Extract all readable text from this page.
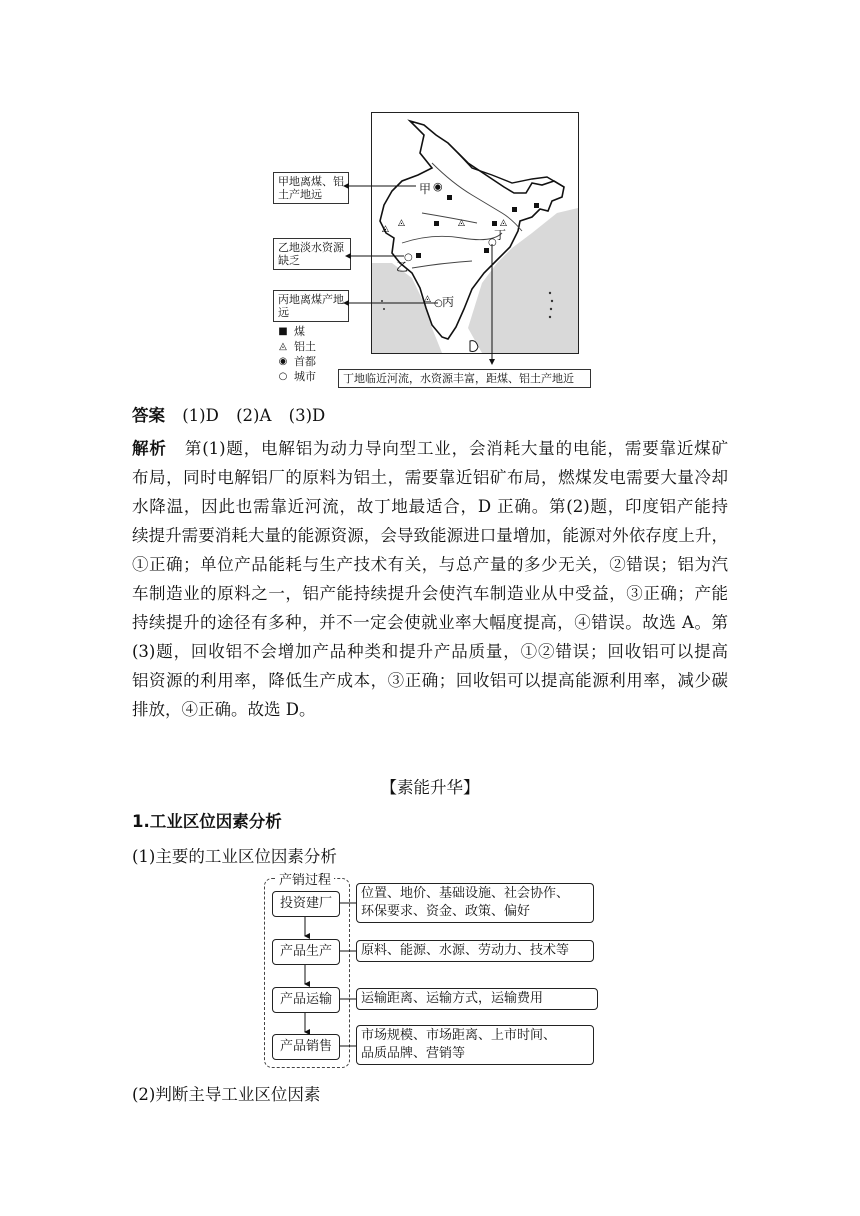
◬	◬	◬
◬
◬
甲 ◉
丁
○
乙
○
丙
○
甲地离煤、铝土产地远
乙地淡水资源缺乏
丙地离煤产地远
丁地临近河流，水资源丰富，距煤、铝土产地近
■ 煤
◬ 铝土
◉ 首都
○ 城市
答案 (1)D (2)A (3)D
解析 第(1)题，电解铝为动力导向型工业，会消耗大量的电能，需要靠近煤矿
布局，同时电解铝厂的原料为铝土，需要靠近铝矿布局，燃煤发电需要大量冷却
水降温，因此也需靠近河流，故丁地最适合，D 正确。第(2)题，印度铝产能持
续提升需要消耗大量的能源资源，会导致能源进口量增加，能源对外依存度上升，
①正确；单位产品能耗与生产技术有关，与总产量的多少无关，②错误；铝为汽
车制造业的原料之一，铝产能持续提升会使汽车制造业从中受益，③正确；产能
持续提升的途径有多种，并不一定会使就业率大幅度提高，④错误。故选 A。第
(3)题，回收铝不会增加产品种类和提升产品质量，①②错误；回收铝可以提高
铝资源的利用率，降低生产成本，③正确；回收铝可以提高能源利用率，减少碳
排放，④正确。故选 D。
【素能升华】
1.工业区位因素分析
(1)主要的工业区位因素分析
产销过程
投资建厂
产品生产
产品运输
产品销售
位置、地价、基础设施、社会协作、
环保要求、资金、政策、偏好
原料、能源、水源、劳动力、技术等
运输距离、运输方式，运输费用
市场规模、市场距离、上市时间、
品质品牌、营销等
(2)判断主导工业区位因素
